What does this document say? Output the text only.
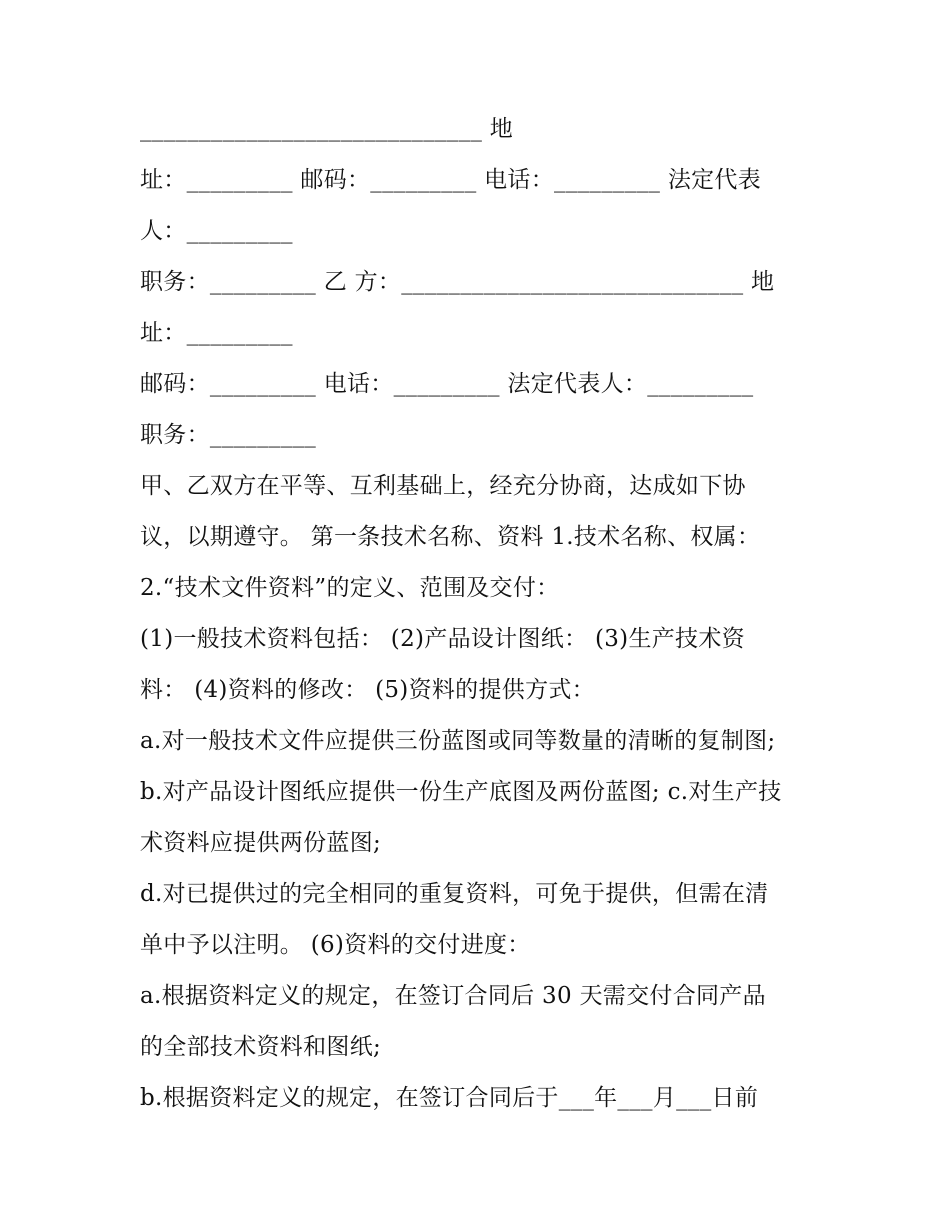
_____________________________ 地
址：_________ 邮码：_________ 电话：_________ 法定代表
人：_________
职务：_________ 乙 方：_____________________________ 地
址：_________
邮码：_________ 电话：_________ 法定代表人：_________
职务：_________
甲、乙双方在平等、互利基础上，经充分协商，达成如下协
议，以期遵守。 第一条技术名称、资料 1.技术名称、权属：
2.“技术文件资料”的定义、范围及交付：
(1)一般技术资料包括： (2)产品设计图纸： (3)生产技术资
料： (4)资料的修改： (5)资料的提供方式：
a.对一般技术文件应提供三份蓝图或同等数量的清晰的复制图;
b.对产品设计图纸应提供一份生产底图及两份蓝图; c.对生产技
术资料应提供两份蓝图;
d.对已提供过的完全相同的重复资料，可免于提供，但需在清
单中予以注明。 (6)资料的交付进度：
a.根据资料定义的规定，在签订合同后 30 天需交付合同产品
的全部技术资料和图纸;
b.根据资料定义的规定，在签订合同后于___年___月___日前
